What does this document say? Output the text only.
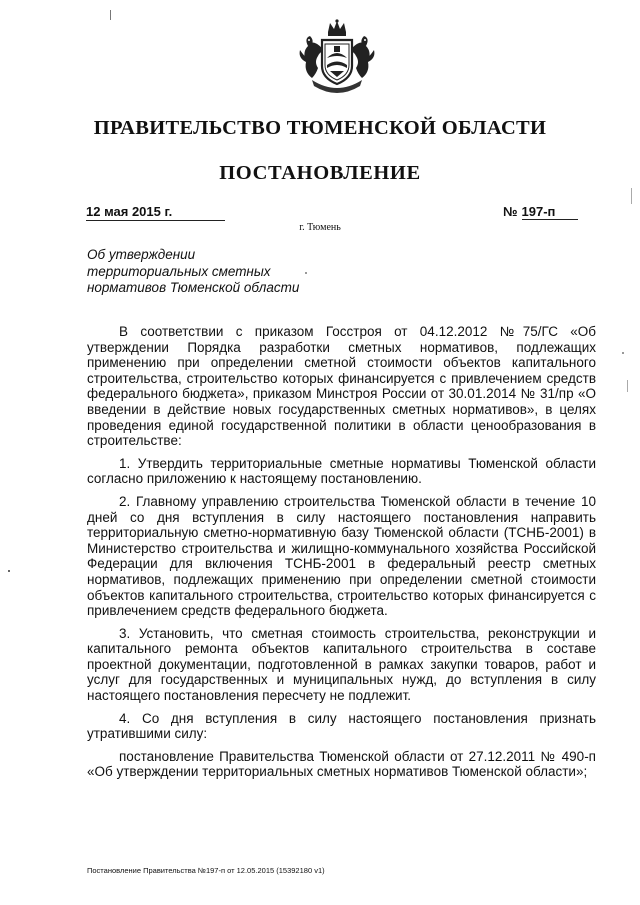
ПРАВИТЕЛЬСТВО ТЮМЕНСКОЙ ОБЛАСТИ
ПОСТАНОВЛЕНИЕ
12 мая 2015 г.	№ 197-п
г. Тюмень
Об утверждении
территориальных сметных
нормативов Тюменской области

В соответствии с приказом Госстроя от 04.12.2012 №75/ГС «Об утверждении Порядка разработки сметных нормативов, подлежащих применению при определении сметной стоимости объектов капитального строительства, строительство которых финансируется с привлечением средств федерального бюджета», приказом Минстроя России от 30.01.2014 № 31/пр «О введении в действие новых государственных сметных нормативов», в целях проведения единой государственной политики в области ценообразования в строительстве:

1. Утвердить территориальные сметные нормативы Тюменской области согласно приложению к настоящему постановлению.

2. Главному управлению строительства Тюменской области в течение 10 дней со дня вступления в силу настоящего постановления направить территориальную сметно-нормативную базу Тюменской области (ТСНБ-2001) в Министерство строительства и жилищно-коммунального хозяйства Российской Федерации для включения ТСНБ-2001 в федеральный реестр сметных нормативов, подлежащих применению при определении сметной стоимости объектов капитального строительства, строительство которых финансируется с привлечением средств федерального бюджета.

3. Установить, что сметная стоимость строительства, реконструкции и капитального ремонта объектов капитального строительства в составе проектной документации, подготовленной в рамках закупки товаров, работ и услуг для государственных и муниципальных нужд, до вступления в силу настоящего постановления пересчету не подлежит.

4. Со дня вступления в силу настоящего постановления признать утратившими силу:

постановление Правительства Тюменской области от 27.12.2011 № 490-п «Об утверждении территориальных сметных нормативов Тюменской области»;

Постановление Правительства №197-п от 12.05.2015 (15392180 v1)
